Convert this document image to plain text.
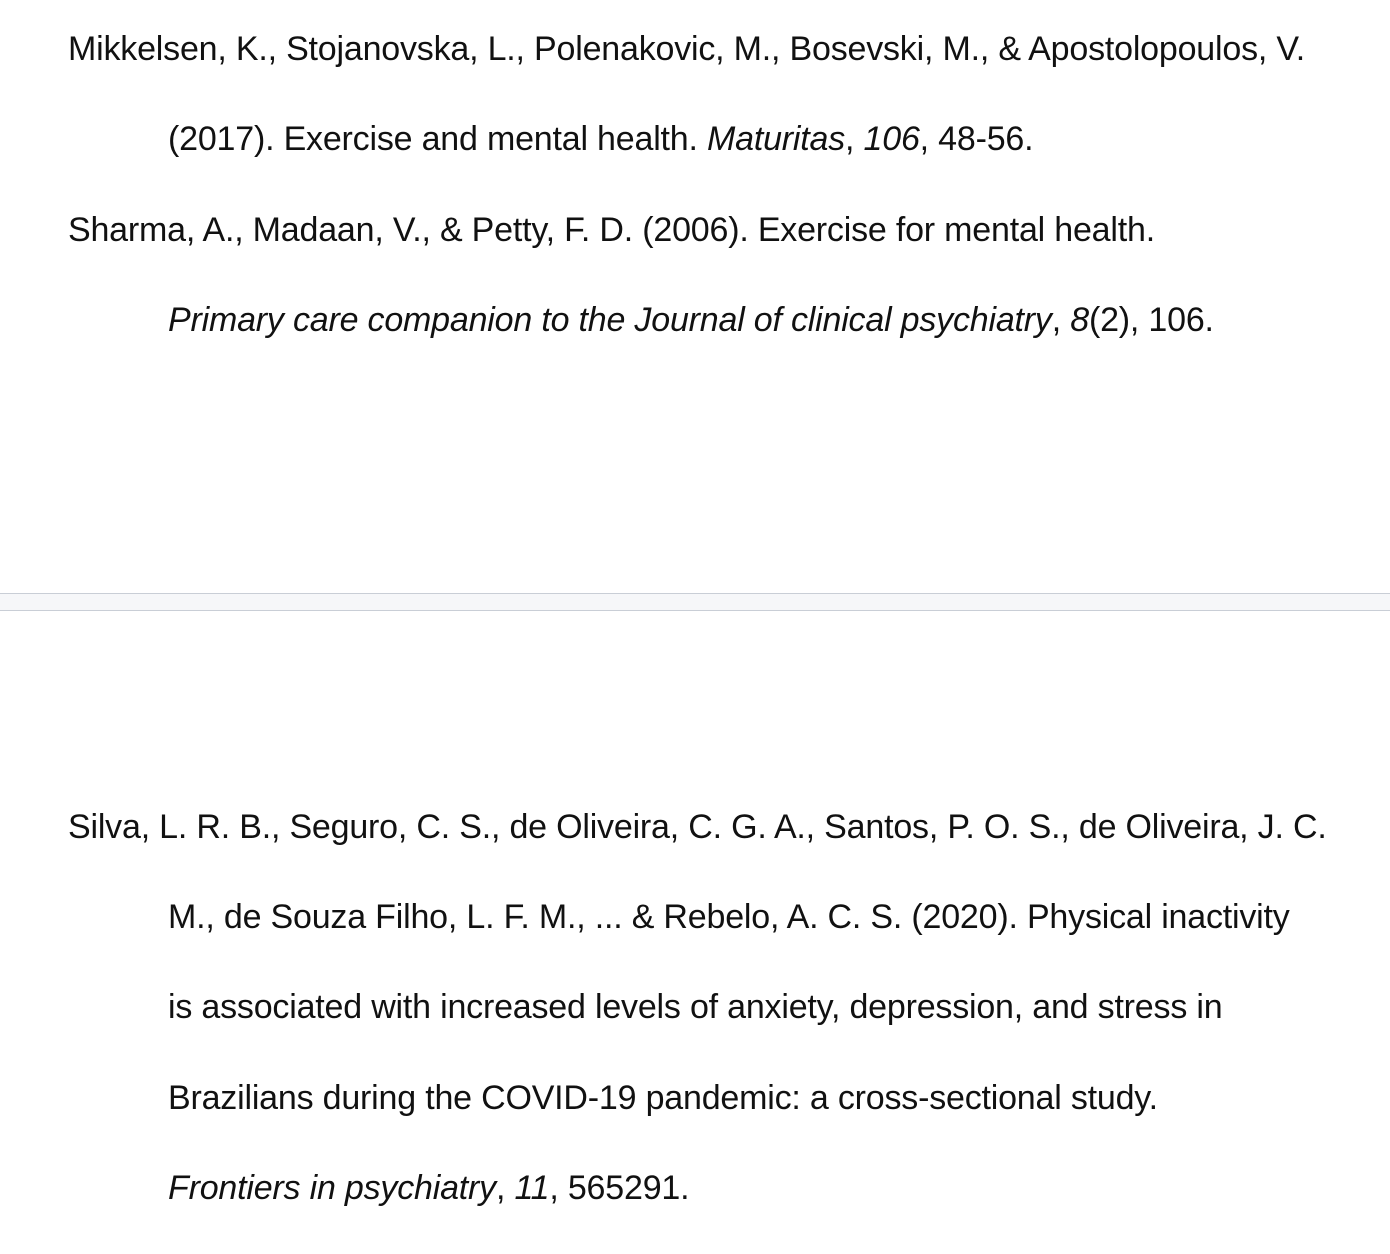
Mikkelsen, K., Stojanovska, L., Polenakovic, M., Bosevski, M., & Apostolopoulos, V.
(2017). Exercise and mental health. Maturitas, 106, 48-56.
Sharma, A., Madaan, V., & Petty, F. D. (2006). Exercise for mental health.
Primary care companion to the Journal of clinical psychiatry, 8(2), 106.
Silva, L. R. B., Seguro, C. S., de Oliveira, C. G. A., Santos, P. O. S., de Oliveira, J. C.
M., de Souza Filho, L. F. M., ... & Rebelo, A. C. S. (2020). Physical inactivity
is associated with increased levels of anxiety, depression, and stress in
Brazilians during the COVID-19 pandemic: a cross-sectional study.
Frontiers in psychiatry, 11, 565291.
